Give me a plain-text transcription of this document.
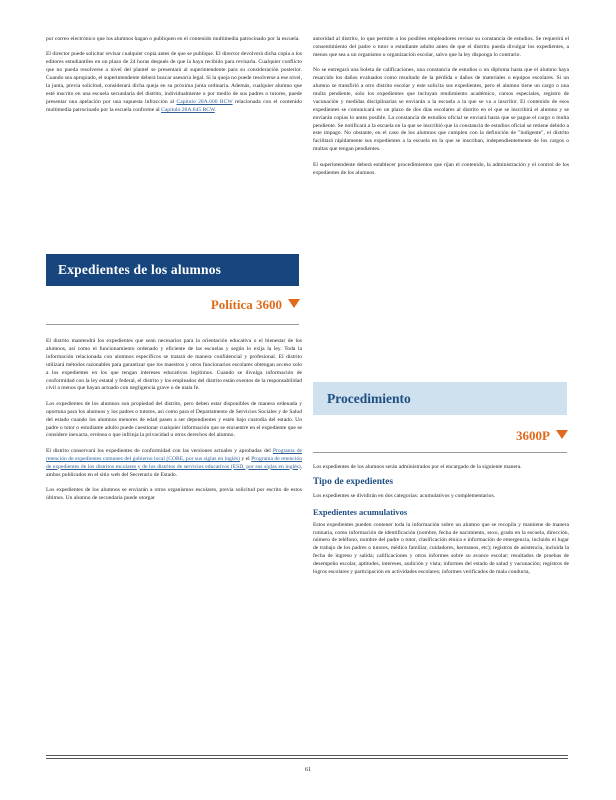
por correo electrónico que los alumnos hagan o publiquen en el contenido multimedia patrocinado por la escuela.

El director puede solicitar revisar cualquier copia antes de que se publique. El director devolverá dicha copia a los editores estudiantiles en un plazo de 24 horas después de que la haya recibido para revisarla. Cualquier conflicto que no pueda resolverse a nivel del plantel se presentará al superintendente para su consideración posterior. Cuando sea apropiado, el superintendente deberá buscar asesoría legal. Si la queja no puede resolverse a ese nivel, la junta, previa solicitud, considerará dicha queja en su próxima junta ordinaria. Además, cualquier alumno que esté inscrito en una escuela secundaria del distrito, individualmente o por medio de sus padres o tutores, puede presentar una apelación por una supuesta infracción al Capítulo 28A.600 RCW relacionada con el contenido multimedia patrocinado por la escuela conforme al Capítulo 28A.645 RCW.

Expedientes de los alumnos
Política 3600

El distrito mantendrá los expedientes que sean necesarios para la orientación educativa o el bienestar de los alumnos, así como el funcionamiento ordenado y eficiente de las escuelas y según lo exija la ley. Toda la información relacionada con alumnos específicos se tratará de manera confidencial y profesional. El distrito utilizará métodos razonables para garantizar que los maestros y otros funcionarios escolares obtengan acceso solo a los expedientes en los que tengan intereses educativos legítimos. Cuando se divulga información de conformidad con la ley estatal y federal, el distrito y los empleados del distrito están exentos de la responsabilidad civil a menos que hayan actuado con negligencia grave o de mala fe.

Los expedientes de los alumnos son propiedad del distrito, pero deben estar disponibles de manera ordenada y oportuna para los alumnos y los padres o tutores, así como para el Departamento de Servicios Sociales y de Salud del estado cuando los alumnos menores de edad pasen a ser dependientes y estén bajo custodia del estado. Un padre o tutor o estudiante adulto puede cuestionar cualquier información que se encuentre en el expediente que se considere inexacta, errónea o que infrinja la privacidad u otros derechos del alumno.

El distrito conservará los expedientes de conformidad con las versiones actuales y aprobadas del Programa de retención de expedientes comunes del gobierno local (CORE, por sus siglas en inglés) y el Programa de retención de expedientes de los distritos escolares y de los distritos de servicios educativos (ESD, por sus siglas en inglés), ambos publicados en el sitio web del Secretario de Estado.

Los expedientes de los alumnos se enviarán a otros organismos escolares, previa solicitud por escrito de estos últimos. Un alumno de secundaria puede otorgar

autoridad al distrito, lo que permite a los posibles empleadores revisar su constancia de estudios. Se requerirá el consentimiento del padre o tutor o estudiante adulto antes de que el distrito pueda divulgar los expedientes, a menos que sea a un organismo u organización escolar, salvo que la ley disponga lo contrario.

No se entregará una boleta de calificaciones, una constancia de estudios o un diploma hasta que el alumno haya resarcido los daños evaluados como resultado de la pérdida o daños de materiales o equipos escolares. Si un alumno se transfirió a otro distrito escolar y este solicita sus expedientes, pero el alumno tiene un cargo o una multa pendiente, solo los expedientes que incluyan rendimiento académico, cursos especiales, registro de vacunación y medidas disciplinarias se enviarán a la escuela a la que se va a inscribir. El contenido de esos expedientes se comunicará en un plazo de dos días escolares al distrito en el que se inscribirá el alumno y se enviarán copias lo antes posible. La constancia de estudios oficial se enviará hasta que se pague el cargo o multa pendiente. Se notificará a la escuela en la que se inscribió que la constancia de estudios oficial se retiene debido a este impago. No obstante, en el caso de los alumnos que cumplen con la definición de "indigente", el distrito facilitará rápidamente sus expedientes a la escuela en la que se inscriban, independientemente de los cargos o multas que tengan pendientes.

El superintendente deberá establecer procedimientos que rijan el contenido, la administración y el control de los expedientes de los alumnos.

Procedimiento
3600P

Los expedientes de los alumnos serán administrados por el encargado de la siguiente manera.

Tipo de expedientes

Los expedientes se dividirán en dos categorías: acumulativos y complementarios.

Expedientes acumulativos

Estos expedientes pueden contener toda la información sobre un alumno que se recopila y mantiene de manera rutinaria, como información de identificación (nombre, fecha de nacimiento, sexo, grado en la escuela, dirección, número de teléfono, nombre del padre o tutor, clasificación étnica e información de emergencia, incluido el lugar de trabajo de los padres o tutores, médico familiar, cuidadores, hermanos, etc); registros de asistencia, incluida la fecha de ingreso y salida; calificaciones y otros informes sobre su avance escolar; resultados de pruebas de desempeño escolar, aptitudes, intereses, audición y vista; informes del estado de salud y vacunación; registros de logros escolares y participación en actividades escolares; informes verificados de mala conducta,

61
